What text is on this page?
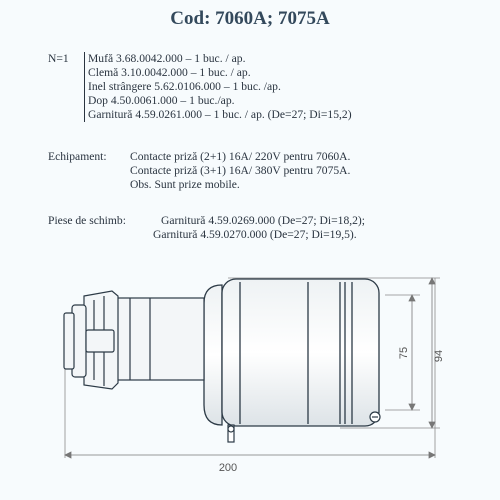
Cod: 7060A; 7075A
N=1 Mufă 3.68.0042.000 – 1 buc. / ap.
Clemă 3.10.0042.000 – 1 buc. / ap.
Inel strângere 5.62.0106.000 – 1 buc. /ap.
Dop 4.50.0061.000 – 1 buc./ap.
Garnitură 4.59.0261.000 – 1 buc. / ap. (De=27; Di=15,2)
Echipament: Contacte priză (2+1) 16A/ 220V pentru 7060A.
Contacte priză (3+1) 16A/ 380V pentru 7075A.
Obs. Sunt prize mobile.
Piese de schimb:	Garnitură 4.59.0269.000 (De=27; Di=18,2);
Garnitură 4.59.0270.000 (De=27; Di=19,5).
75 94
200
